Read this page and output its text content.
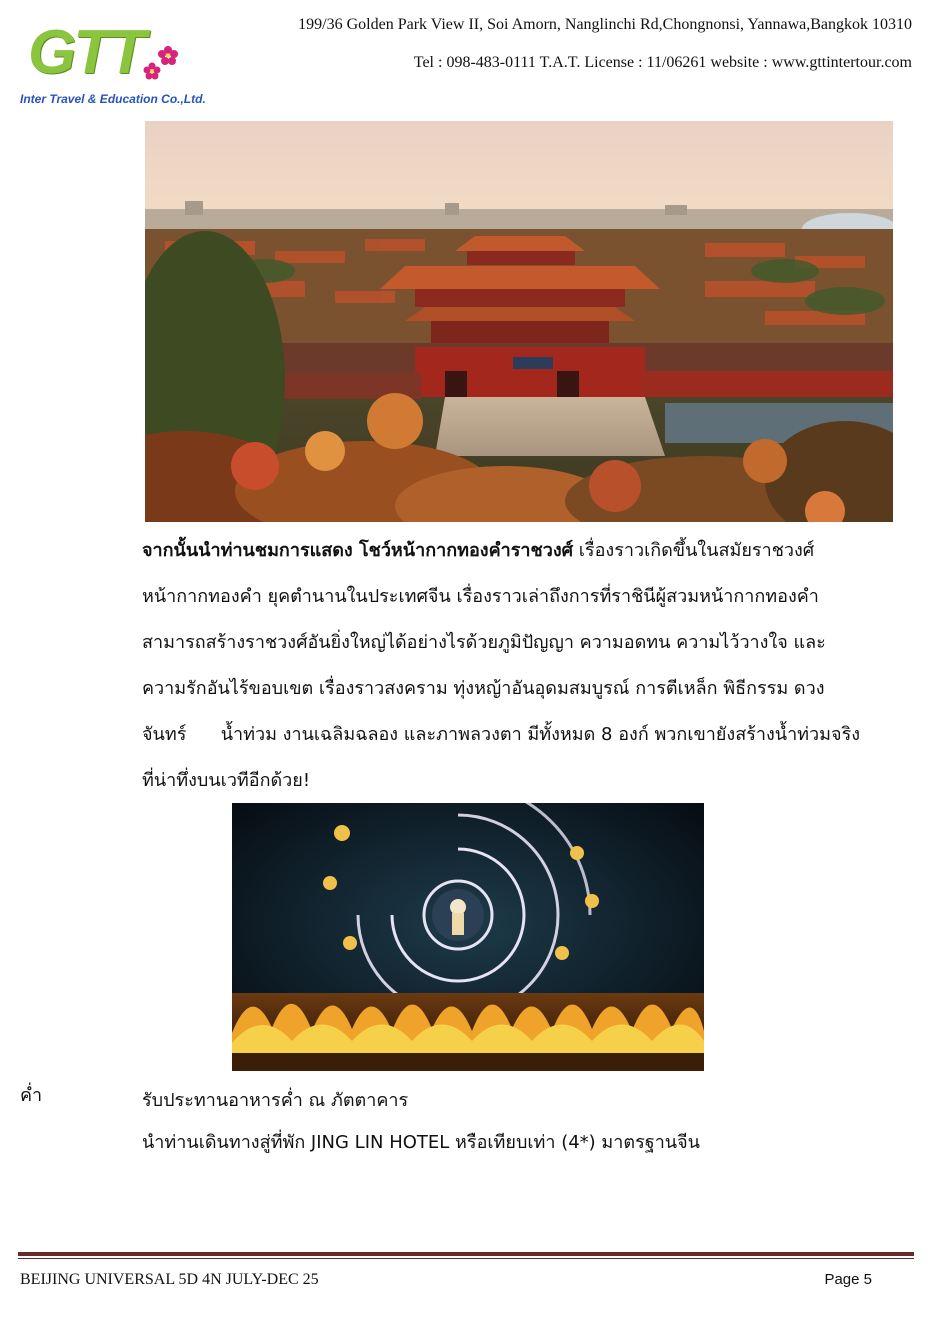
GTT
Inter Travel & Education Co.,Ltd.
199/36 Golden Park View II, Soi Amorn, Nanglinchi Rd,Chongnonsi, Yannawa,Bangkok 10310
Tel : 098-483-0111 T.A.T. License : 11/06261 website : www.gttintertour.com
จากนั้นนำท่านชมการแสดง โชว์หน้ากากทองคำราชวงศ์ เรื่องราวเกิดขึ้นในสมัยราชวงศ์
หน้ากากทองคำ ยุคตำนานในประเทศจีน เรื่องราวเล่าถึงการที่ราชินีผู้สวมหน้ากากทองคำ
สามารถสร้างราชวงศ์อันยิ่งใหญ่ได้อย่างไรด้วยภูมิปัญญา ความอดทน ความไว้วางใจ และ
ความรักอันไร้ขอบเขต เรื่องราวสงคราม ทุ่งหญ้าอันอุดมสมบูรณ์ การตีเหล็ก พิธีกรรม ดวง
จันทร์      น้ำท่วม งานเฉลิมฉลอง และภาพลวงตา มีทั้งหมด 8 องก์ พวกเขายังสร้างน้ำท่วมจริง
ที่น่าทึ่งบนเวทีอีกด้วย!
ค่ำ	รับประทานอาหารค่ำ ณ ภัตตาคาร
นำท่านเดินทางสู่ที่พัก JING LIN HOTEL หรือเทียบเท่า (4*) มาตรฐานจีน
BEIJING UNIVERSAL 5D 4N JULY-DEC 25	Page 5
